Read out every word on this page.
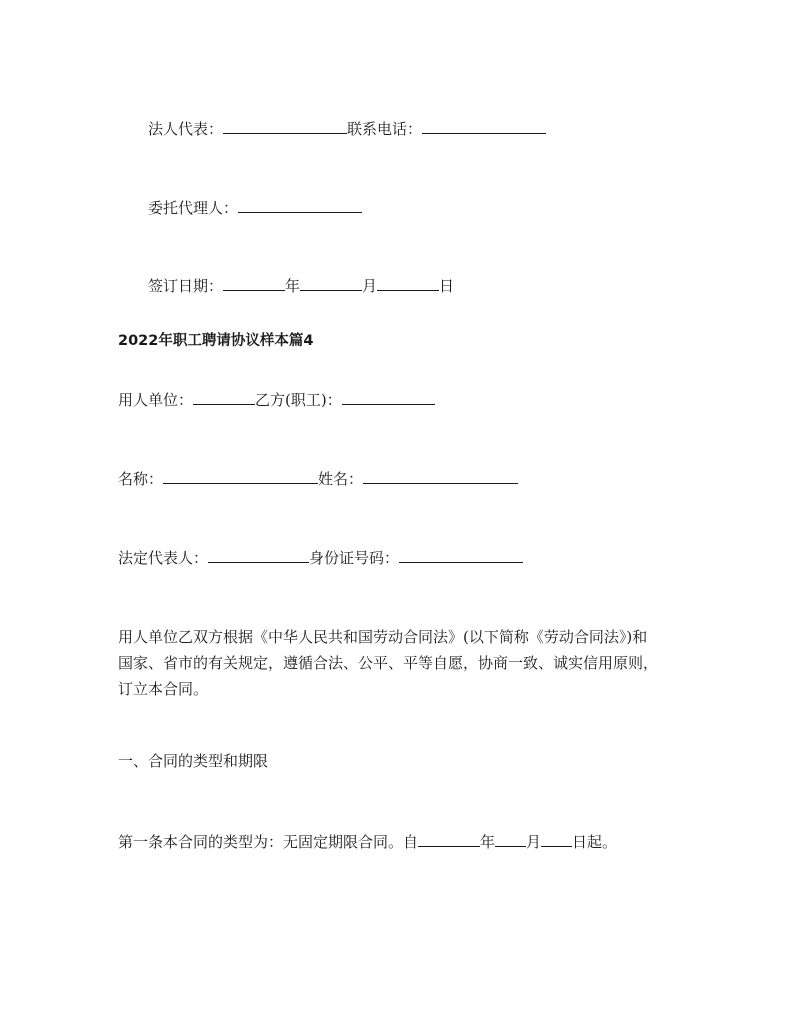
法人代表：	联系电话：
委托代理人：
签订日期：	年	月	日
2022年职工聘请协议样本篇4
用人单位：	乙方(职工)：
名称：	姓名：
法定代表人：	身份证号码：
用人单位乙双方根据《中华人民共和国劳动合同法》(以下简称《劳动合同法》)和
国家、省市的有关规定，遵循合法、公平、平等自愿，协商一致、诚实信用原则，
订立本合同。
一、合同的类型和期限
第一条本合同的类型为：无固定期限合同。自	年 月 日起。
